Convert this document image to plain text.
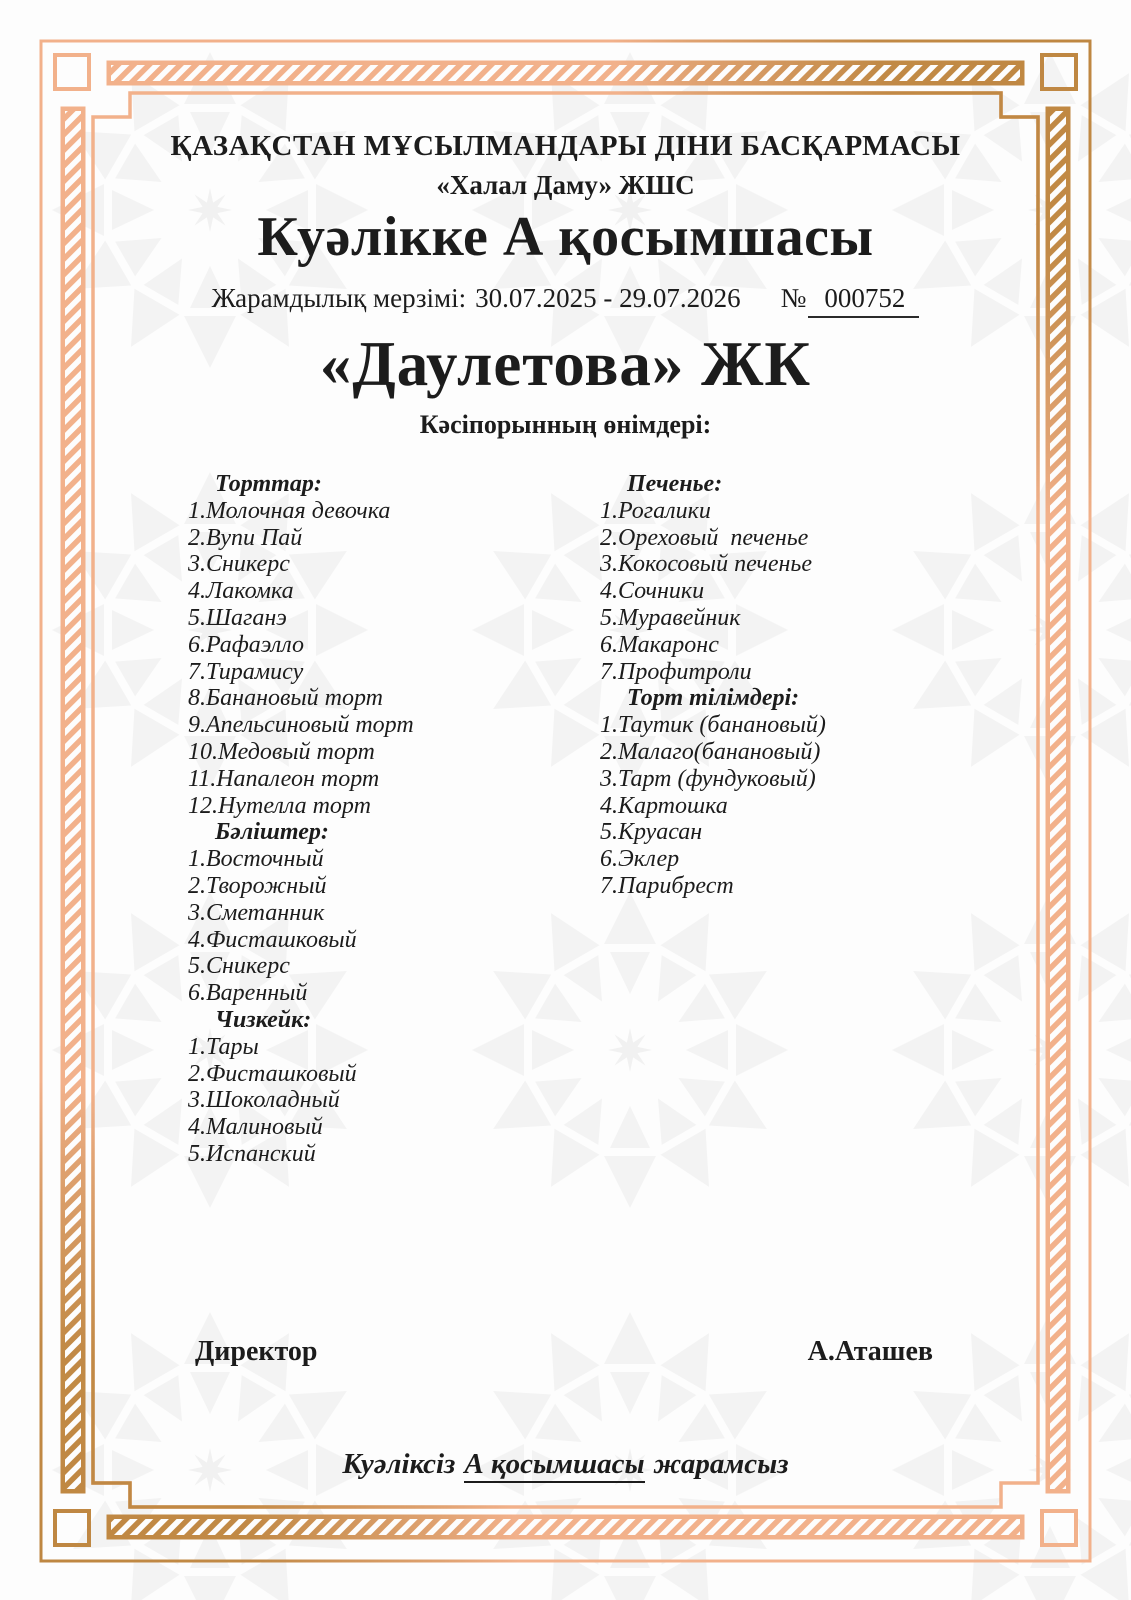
ҚАЗАҚСТАН МҰСЫЛМАНДАРЫ ДІНИ БАСҚАРМАСЫ
«Халал Даму» ЖШС
Куәлікке А қосымшасы
Жарамдылық мерзімі: 30.07.2025 - 29.07.2026 № 000752
«Даулетова» ЖК
Кәсіпорынның өнімдері:
Торттар:
1.Молочная девочка
2.Вупи Пай
3.Сникерс
4.Лакомка
5.Шаганэ
6.Рафаэлло
7.Тирамису
8.Банановый торт
9.Апельсиновый торт
10.Медовый торт
11.Напалеон торт
12.Нутелла торт
Бәліштер:
1.Восточный
2.Творожный
3.Сметанник
4.Фисташковый
5.Сникерс
6.Варенный
Чизкейк:
1.Тары
2.Фисташковый
3.Шоколадный
4.Малиновый
5.Испанский
Печенье:
1.Рогалики
2.Ореховый  печенье
3.Кокосовый печенье
4.Сочники
5.Муравейник
6.Макаронс
7.Профитроли
Торт тілімдері:
1.Таутик (банановый)
2.Малаго(банановый)
3.Тарт (фундуковый)
4.Картошка
5.Круасан
6.Эклер
7.Парибрест
Директор	А.Аташев
Куәліксіз А қосымшасы жарамсыз
